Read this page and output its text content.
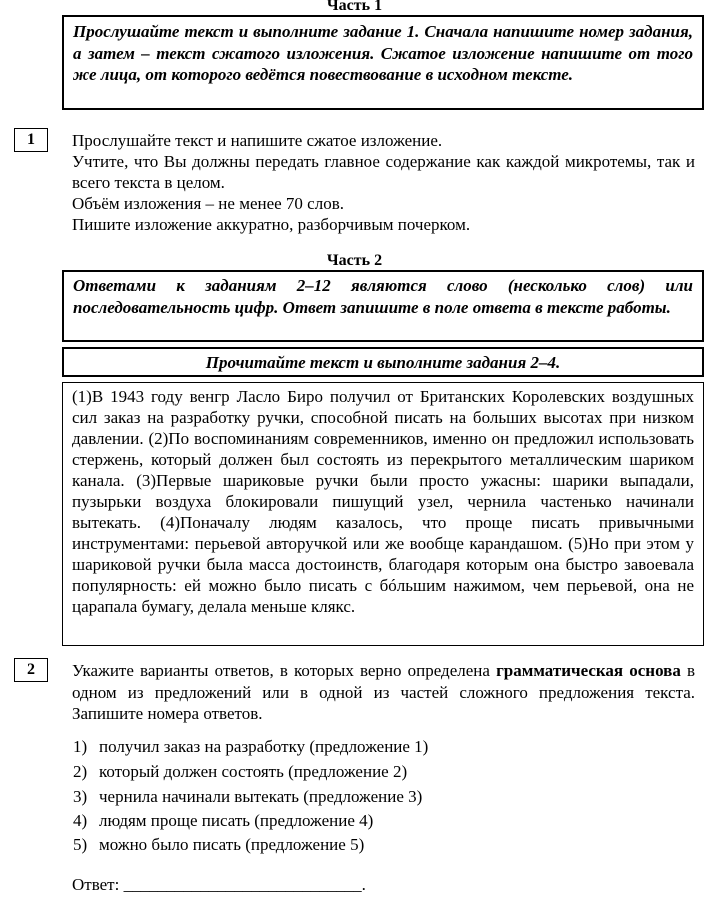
Часть 1
Прослушайте текст и выполните задание 1. Сначала напишите номер задания, а затем – текст сжатого изложения. Сжатое изложение напишите от того же лица, от которого ведётся повествование в исходном тексте.
1	Прослушайте текст и напишите сжатое изложение.
Учтите, что Вы должны передать главное содержание как каждой микротемы, так и всего текста в целом.
Объём изложения – не менее 70 слов.
Пишите изложение аккуратно, разборчивым почерком.
Часть 2
Ответами к заданиям 2–12 являются слово (несколько слов) или последовательность цифр. Ответ запишите в поле ответа в тексте работы.
Прочитайте текст и выполните задания 2–4.
(1)В 1943 году венгр Ласло Биро получил от Британских Королевских воздушных сил заказ на разработку ручки, способной писать на больших высотах при низком давлении. (2)По воспоминаниям современников, именно он предложил использовать стержень, который должен был состоять из перекрытого металлическим шариком канала. (3)Первые шариковые ручки были просто ужасны: шарики выпадали, пузырьки воздуха блокировали пишущий узел, чернила частенько начинали вытекать. (4)Поначалу людям казалось, что проще писать привычными инструментами: перьевой авторучкой или же вообще карандашом. (5)Но при этом у шариковой ручки была масса достоинств, благодаря которым она быстро завоевала популярность: ей можно было писать с бóльшим нажимом, чем перьевой, она не царапала бумагу, делала меньше клякс.
2	Укажите варианты ответов, в которых верно определена грамматическая основа в одном из предложений или в одной из частей сложного предложения текста. Запишите номера ответов.
1) получил заказ на разработку (предложение 1)
2) который должен состоять (предложение 2)
3) чернила начинали вытекать (предложение 3)
4) людям проще писать (предложение 4)
5) можно было писать (предложение 5)
Ответ: ____________________________.
